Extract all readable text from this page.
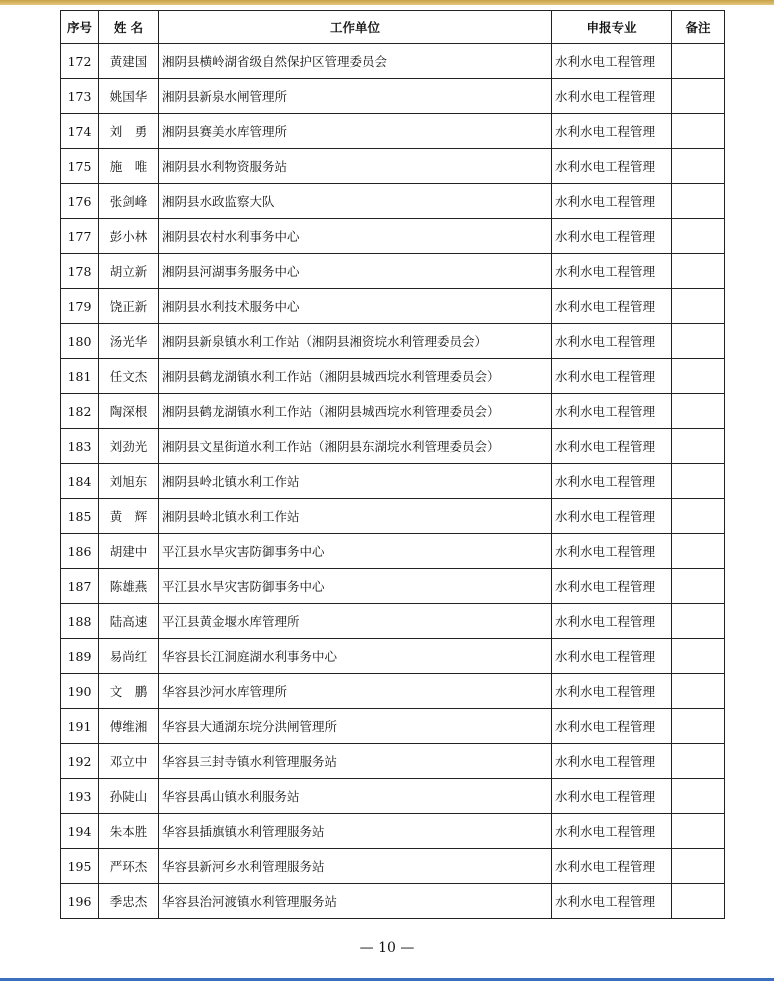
序号	姓 名	工作单位	申报专业	备注
172	黄建国	湘阴县横岭湖省级自然保护区管理委员会	水利水电工程管理	
173	姚国华	湘阴县新泉水闸管理所	水利水电工程管理	
174	刘　勇	湘阴县赛美水库管理所	水利水电工程管理	
175	施　唯	湘阴县水利物资服务站	水利水电工程管理	
176	张剑峰	湘阴县水政监察大队	水利水电工程管理	
177	彭小林	湘阴县农村水利事务中心	水利水电工程管理	
178	胡立新	湘阴县河湖事务服务中心	水利水电工程管理	
179	饶正新	湘阴县水利技术服务中心	水利水电工程管理	
180	汤光华	湘阴县新泉镇水利工作站（湘阴县湘资垸水利管理委员会）	水利水电工程管理	
181	任文杰	湘阴县鹤龙湖镇水利工作站（湘阴县城西垸水利管理委员会）	水利水电工程管理	
182	陶深根	湘阴县鹤龙湖镇水利工作站（湘阴县城西垸水利管理委员会）	水利水电工程管理	
183	刘劲光	湘阴县文星街道水利工作站（湘阴县东湖垸水利管理委员会）	水利水电工程管理	
184	刘旭东	湘阴县岭北镇水利工作站	水利水电工程管理	
185	黄　辉	湘阴县岭北镇水利工作站	水利水电工程管理	
186	胡建中	平江县水旱灾害防御事务中心	水利水电工程管理	
187	陈雄燕	平江县水旱灾害防御事务中心	水利水电工程管理	
188	陆高速	平江县黄金堰水库管理所	水利水电工程管理	
189	易尚红	华容县长江洞庭湖水利事务中心	水利水电工程管理	
190	文　鹏	华容县沙河水库管理所	水利水电工程管理	
191	傅维湘	华容县大通湖东垸分洪闸管理所	水利水电工程管理	
192	邓立中	华容县三封寺镇水利管理服务站	水利水电工程管理	
193	孙陡山	华容县禹山镇水利服务站	水利水电工程管理	
194	朱本胜	华容县插旗镇水利管理服务站	水利水电工程管理	
195	严环杰	华容县新河乡水利管理服务站	水利水电工程管理	
196	季忠杰	华容县治河渡镇水利管理服务站	水利水电工程管理	
— 10 —
